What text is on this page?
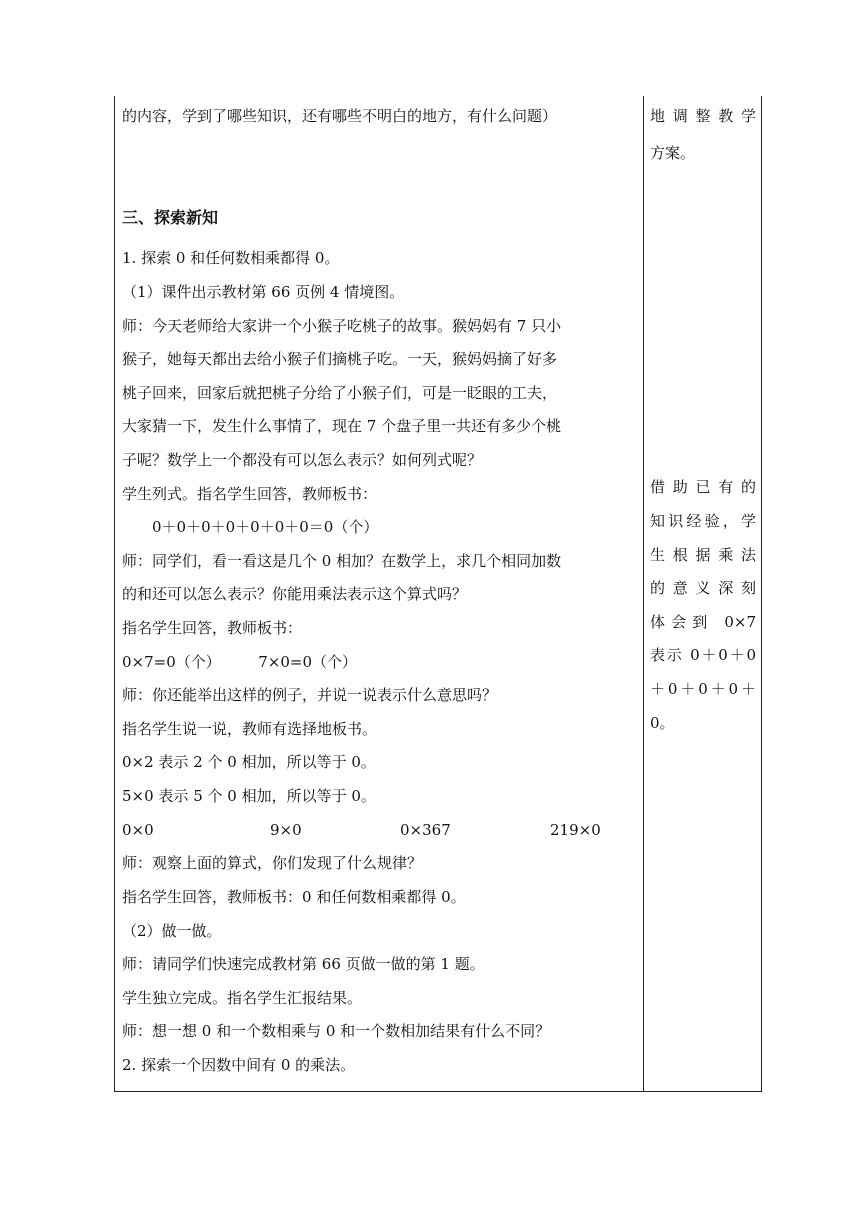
的内容，学到了哪些知识，还有哪些不明白的地方，有什么问题）
三、探索新知
1. 探索 0 和任何数相乘都得 0。
（1）课件出示教材第 66 页例 4 情境图。
师：今天老师给大家讲一个小猴子吃桃子的故事。猴妈妈有 7 只小
猴子，她每天都出去给小猴子们摘桃子吃。一天，猴妈妈摘了好多
桃子回来，回家后就把桃子分给了小猴子们，可是一眨眼的工夫，
大家猜一下，发生什么事情了，现在 7 个盘子里一共还有多少个桃
子呢？数学上一个都没有可以怎么表示？如何列式呢？
学生列式。指名学生回答，教师板书：
　　0＋0＋0＋0＋0＋0＋0＝0（个）
师：同学们，看一看这是几个 0 相加？在数学上，求几个相同加数
的和还可以怎么表示？你能用乘法表示这个算式吗？
指名学生回答，教师板书：
0×7=0（个）　　　7×0=0（个）
师：你还能举出这样的例子，并说一说表示什么意思吗？
指名学生说一说，教师有选择地板书。
0×2 表示 2 个 0 相加，所以等于 0。
5×0 表示 5 个 0 相加，所以等于 0。
0×0	9×0	0×367	219×0
师：观察上面的算式，你们发现了什么规律？
指名学生回答，教师板书：0 和任何数相乘都得 0。
（2）做一做。
师：请同学们快速完成教材第 66 页做一做的第 1 题。
学生独立完成。指名学生汇报结果。
师：想一想 0 和一个数相乘与 0 和一个数相加结果有什么不同？
2. 探索一个因数中间有 0 的乘法。
地调整教学
方案。
借助已有的
知识经验，学
生根据乘法
的意义深刻
体会到 0×7
表示 0＋0＋0
＋0＋0＋0＋
0。
